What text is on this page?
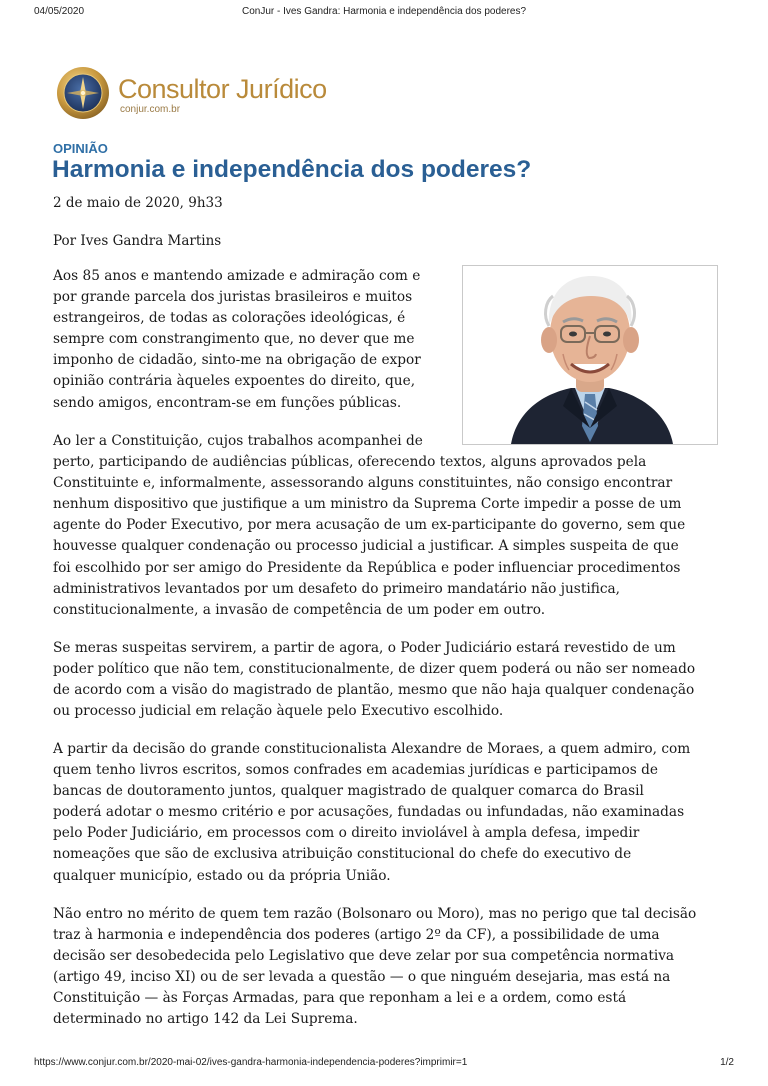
04/05/2020	ConJur - Ives Gandra: Harmonia e independência dos poderes?
Consultor Jurídico
conjur.com.br
OPINIÃO
Harmonia e independência dos poderes?
2 de maio de 2020, 9h33
Por Ives Gandra Martins

Aos 85 anos e mantendo amizade e admiração com e
por grande parcela dos juristas brasileiros e muitos
estrangeiros, de todas as colorações ideológicas, é
sempre com constrangimento que, no dever que me
imponho de cidadão, sinto-me na obrigação de expor
opinião contrária àqueles expoentes do direito, que,
sendo amigos, encontram-se em funções públicas.

Ao ler a Constituição, cujos trabalhos acompanhei de
perto, participando de audiências públicas, oferecendo textos, alguns aprovados pela
Constituinte e, informalmente, assessorando alguns constituintes, não consigo encontrar
nenhum dispositivo que justifique a um ministro da Suprema Corte impedir a posse de um
agente do Poder Executivo, por mera acusação de um ex-participante do governo, sem que
houvesse qualquer condenação ou processo judicial a justificar. A simples suspeita de que
foi escolhido por ser amigo do Presidente da República e poder influenciar procedimentos
administrativos levantados por um desafeto do primeiro mandatário não justifica,
constitucionalmente, a invasão de competência de um poder em outro.

Se meras suspeitas servirem, a partir de agora, o Poder Judiciário estará revestido de um
poder político que não tem, constitucionalmente, de dizer quem poderá ou não ser nomeado
de acordo com a visão do magistrado de plantão, mesmo que não haja qualquer condenação
ou processo judicial em relação àquele pelo Executivo escolhido.

A partir da decisão do grande constitucionalista Alexandre de Moraes, a quem admiro, com
quem tenho livros escritos, somos confrades em academias jurídicas e participamos de
bancas de doutoramento juntos, qualquer magistrado de qualquer comarca do Brasil
poderá adotar o mesmo critério e por acusações, fundadas ou infundadas, não examinadas
pelo Poder Judiciário, em processos com o direito inviolável à ampla defesa, impedir
nomeações que são de exclusiva atribuição constitucional do chefe do executivo de
qualquer município, estado ou da própria União.

Não entro no mérito de quem tem razão (Bolsonaro ou Moro), mas no perigo que tal decisão
traz à harmonia e independência dos poderes (artigo 2º da CF), a possibilidade de uma
decisão ser desobedecida pelo Legislativo que deve zelar por sua competência normativa
(artigo 49, inciso XI) ou de ser levada a questão — o que ninguém desejaria, mas está na
Constituição — às Forças Armadas, para que reponham a lei e a ordem, como está
determinado no artigo 142 da Lei Suprema.

https://www.conjur.com.br/2020-mai-02/ives-gandra-harmonia-independencia-poderes?imprimir=1	1/2
